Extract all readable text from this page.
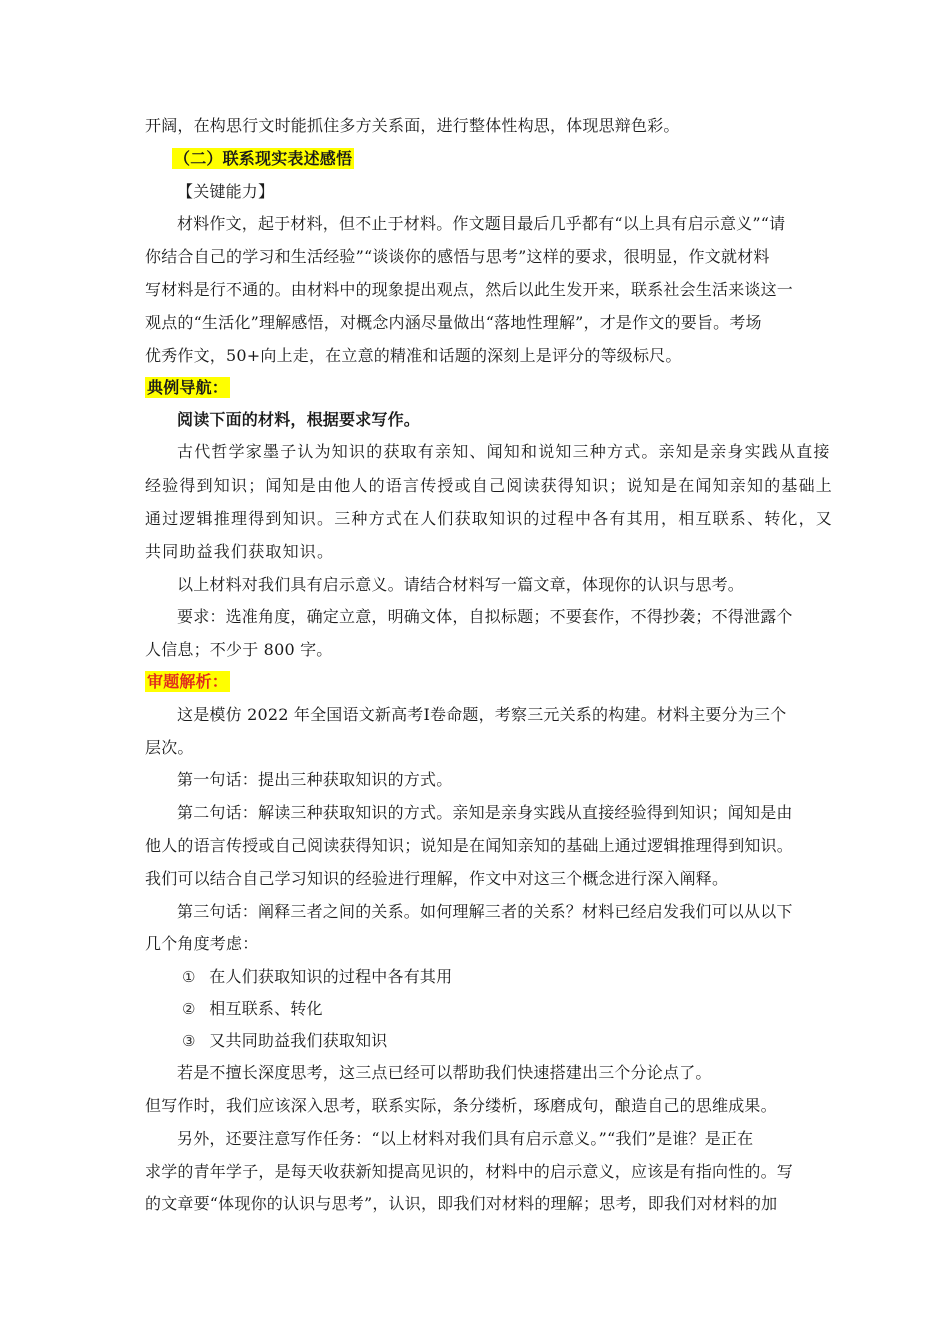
开阔，在构思行文时能抓住多方关系面，进行整体性构思，体现思辩色彩。
（二）联系现实表述感悟
【关键能力】
材料作文，起于材料，但不止于材料。作文题目最后几乎都有“以上具有启示意义”“请
你结合自己的学习和生活经验”“谈谈你的感悟与思考”这样的要求，很明显，作文就材料
写材料是行不通的。由材料中的现象提出观点，然后以此生发开来，联系社会生活来谈这一
观点的“生活化”理解感悟，对概念内涵尽量做出“落地性理解”，才是作文的要旨。考场
优秀作文，50+向上走，在立意的精准和话题的深刻上是评分的等级标尺。
典例导航：
阅读下面的材料，根据要求写作。
古代哲学家墨子认为知识的获取有亲知、闻知和说知三种方式。亲知是亲身实践从直接
经验得到知识；闻知是由他人的语言传授或自己阅读获得知识；说知是在闻知亲知的基础上
通过逻辑推理得到知识。三种方式在人们获取知识的过程中各有其用，相互联系、转化，又
共同助益我们获取知识。
以上材料对我们具有启示意义。请结合材料写一篇文章，体现你的认识与思考。
要求：选准角度，确定立意，明确文体，自拟标题；不要套作，不得抄袭；不得泄露个
人信息；不少于 800 字。
审题解析：
这是模仿 2022 年全国语文新高考Ⅰ卷命题，考察三元关系的构建。材料主要分为三个
层次。
第一句话：提出三种获取知识的方式。
第二句话：解读三种获取知识的方式。亲知是亲身实践从直接经验得到知识；闻知是由
他人的语言传授或自己阅读获得知识；说知是在闻知亲知的基础上通过逻辑推理得到知识。
我们可以结合自己学习知识的经验进行理解，作文中对这三个概念进行深入阐释。
第三句话：阐释三者之间的关系。如何理解三者的关系？材料已经启发我们可以从以下
几个角度考虑：
① 在人们获取知识的过程中各有其用
② 相互联系、转化
③ 又共同助益我们获取知识
若是不擅长深度思考，这三点已经可以帮助我们快速搭建出三个分论点了。
但写作时，我们应该深入思考，联系实际，条分缕析，琢磨成句，酿造自己的思维成果。
另外，还要注意写作任务：“以上材料对我们具有启示意义。”“我们”是谁？是正在
求学的青年学子，是每天收获新知提高见识的，材料中的启示意义，应该是有指向性的。写
的文章要“体现你的认识与思考”，认识，即我们对材料的理解；思考，即我们对材料的加
